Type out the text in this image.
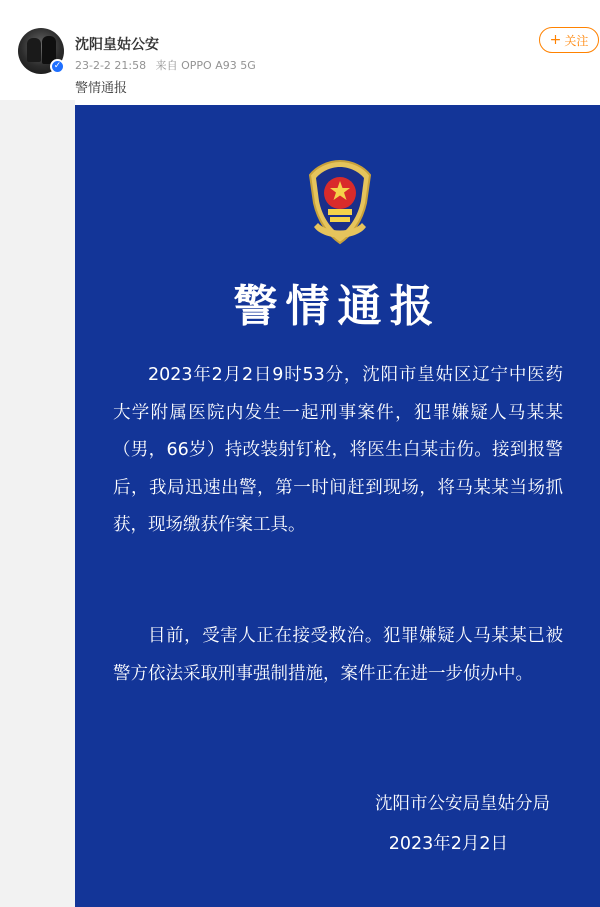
✓
沈阳皇姑公安
23-2-2 21:58 来自 OPPO A93 5G
警情通报
+ 关注
警情通报
2023年2月2日9时53分，沈阳市皇姑区辽宁中医药大学附属医院内发生一起刑事案件，犯罪嫌疑人马某某（男，66岁）持改装射钉枪，将医生白某击伤。接到报警后，我局迅速出警，第一时间赶到现场，将马某某当场抓获，现场缴获作案工具。
目前，受害人正在接受救治。犯罪嫌疑人马某某已被警方依法采取刑事强制措施，案件正在进一步侦办中。
沈阳市公安局皇姑分局
2023年2月2日
